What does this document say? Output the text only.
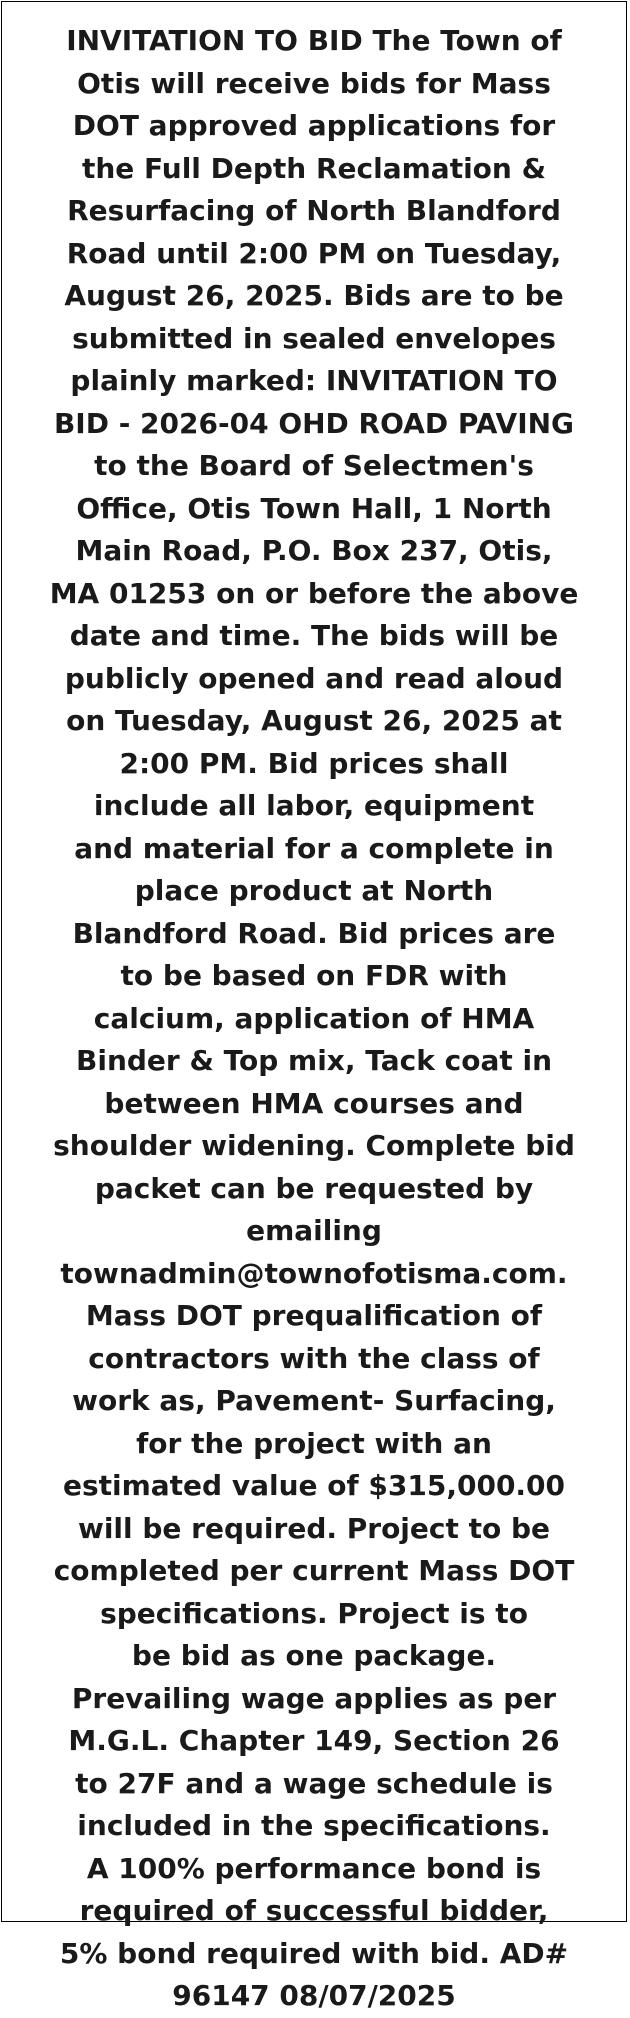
INVITATION TO BID The Town of
Otis will receive bids for Mass
DOT approved applications for
the Full Depth Reclamation &
Resurfacing of North Blandford
Road until 2:00 PM on Tuesday,
August 26, 2025. Bids are to be
submitted in sealed envelopes
plainly marked: INVITATION TO
BID - 2026-04 OHD ROAD PAVING
to the Board of Selectmen's
Office, Otis Town Hall, 1 North
Main Road, P.O. Box 237, Otis,
MA 01253 on or before the above
date and time. The bids will be
publicly opened and read aloud
on Tuesday, August 26, 2025 at
2:00 PM. Bid prices shall
include all labor, equipment
and material for a complete in
place product at North
Blandford Road. Bid prices are
to be based on FDR with
calcium, application of HMA
Binder & Top mix, Tack coat in
between HMA courses and
shoulder widening. Complete bid
packet can be requested by
emailing
townadmin@townofotisma.com.
Mass DOT prequalification of
contractors with the class of
work as, Pavement- Surfacing,
for the project with an
estimated value of $315,000.00
will be required. Project to be
completed per current Mass DOT
specifications. Project is to
be bid as one package.
Prevailing wage applies as per
M.G.L. Chapter 149, Section 26
to 27F and a wage schedule is
included in the specifications.
A 100% performance bond is
required of successful bidder,
5% bond required with bid. AD#
96147 08/07/2025
